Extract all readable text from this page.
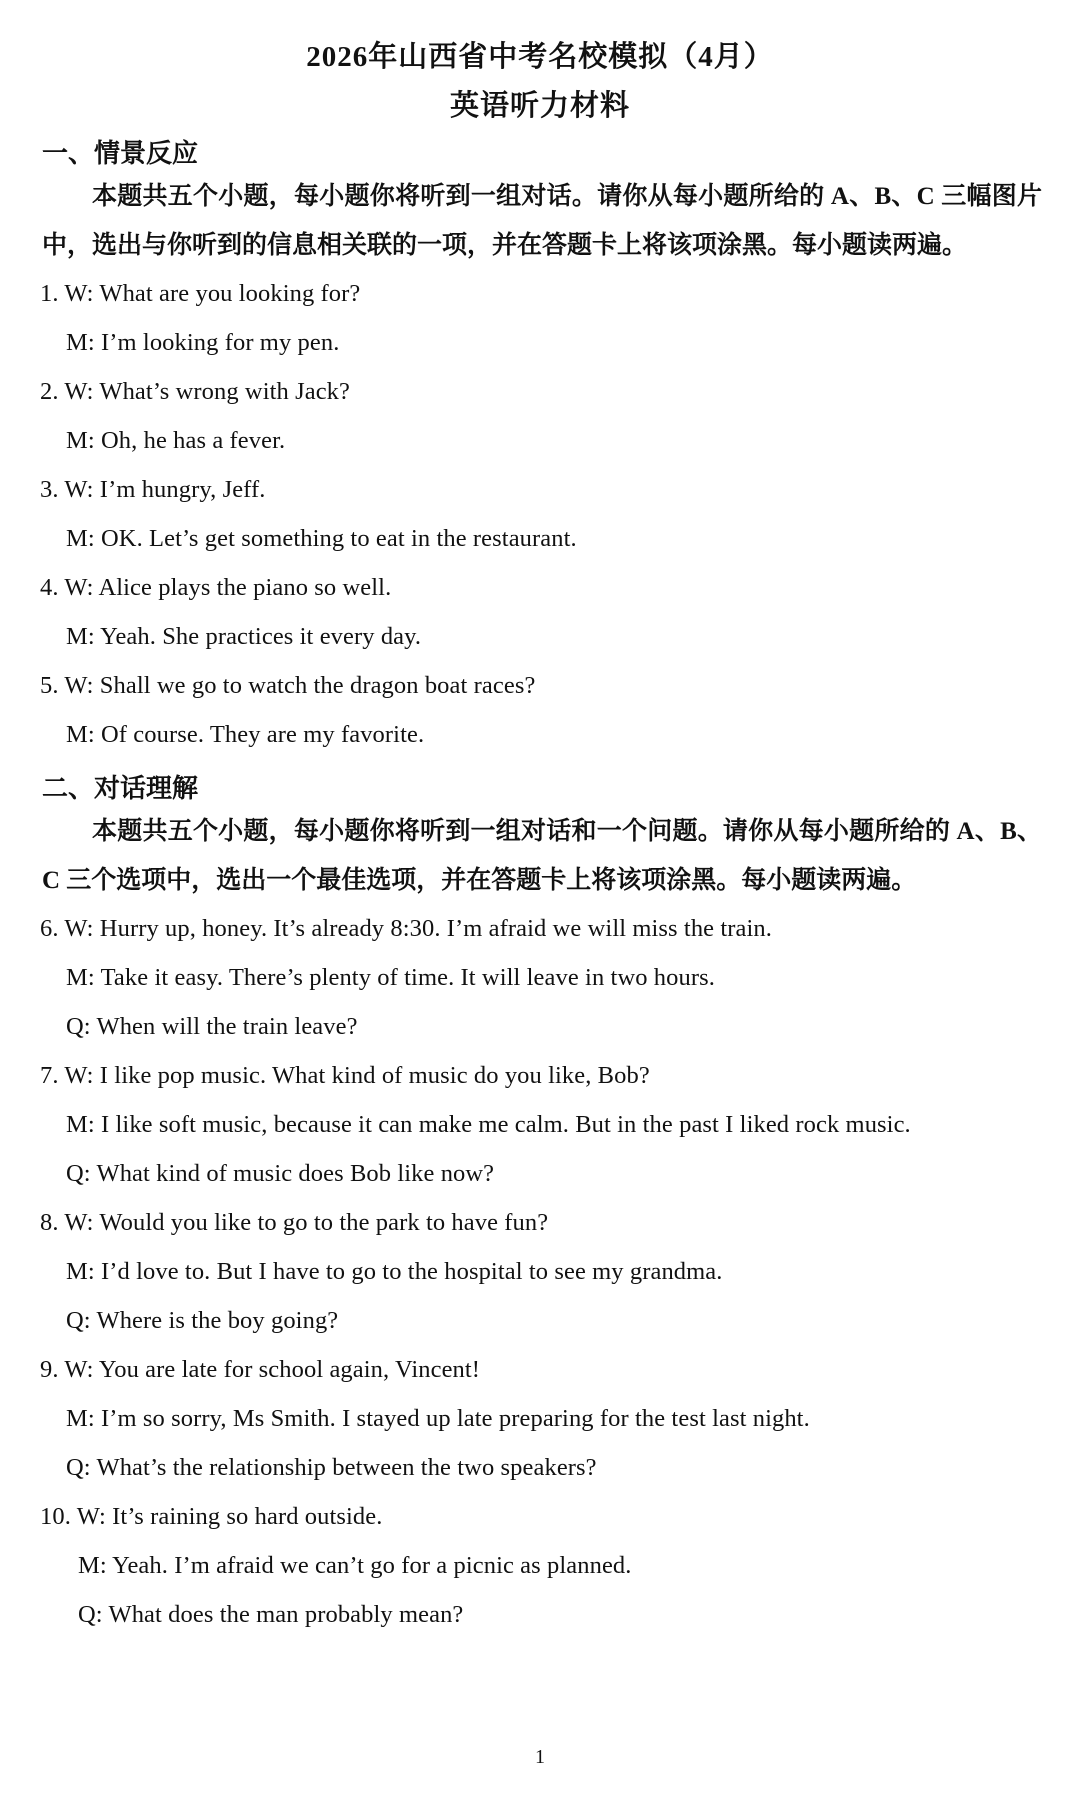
2026年山西省中考名校模拟（4月）
英语听力材料
一、情景反应

本题共五个小题，每小题你将听到一组对话。请你从每小题所给的 A、B、C 三幅图片中，选出与你听到的信息相关联的一项，并在答题卡上将该项涂黑。每小题读两遍。

1. W: What are you looking for?
M: I’m looking for my pen.
2. W: What’s wrong with Jack?
M: Oh, he has a fever.
3. W: I’m hungry, Jeff.
M: OK. Let’s get something to eat in the restaurant.
4. W: Alice plays the piano so well.
M: Yeah. She practices it every day.
5. W: Shall we go to watch the dragon boat races?
M: Of course. They are my favorite.
二、对话理解

本题共五个小题，每小题你将听到一组对话和一个问题。请你从每小题所给的 A、B、C 三个选项中，选出一个最佳选项，并在答题卡上将该项涂黑。每小题读两遍。

6. W: Hurry up, honey. It’s already 8:30. I’m afraid we will miss the train.
M: Take it easy. There’s plenty of time. It will leave in two hours.
Q: When will the train leave?
7. W: I like pop music. What kind of music do you like, Bob?
M: I like soft music, because it can make me calm. But in the past I liked rock music.
Q: What kind of music does Bob like now?
8. W: Would you like to go to the park to have fun?
M: I’d love to. But I have to go to the hospital to see my grandma.
Q: Where is the boy going?
9. W: You are late for school again, Vincent!
M: I’m so sorry, Ms Smith. I stayed up late preparing for the test last night.
Q: What’s the relationship between the two speakers?
10. W: It’s raining so hard outside.
M: Yeah. I’m afraid we can’t go for a picnic as planned.
Q: What does the man probably mean?
1
